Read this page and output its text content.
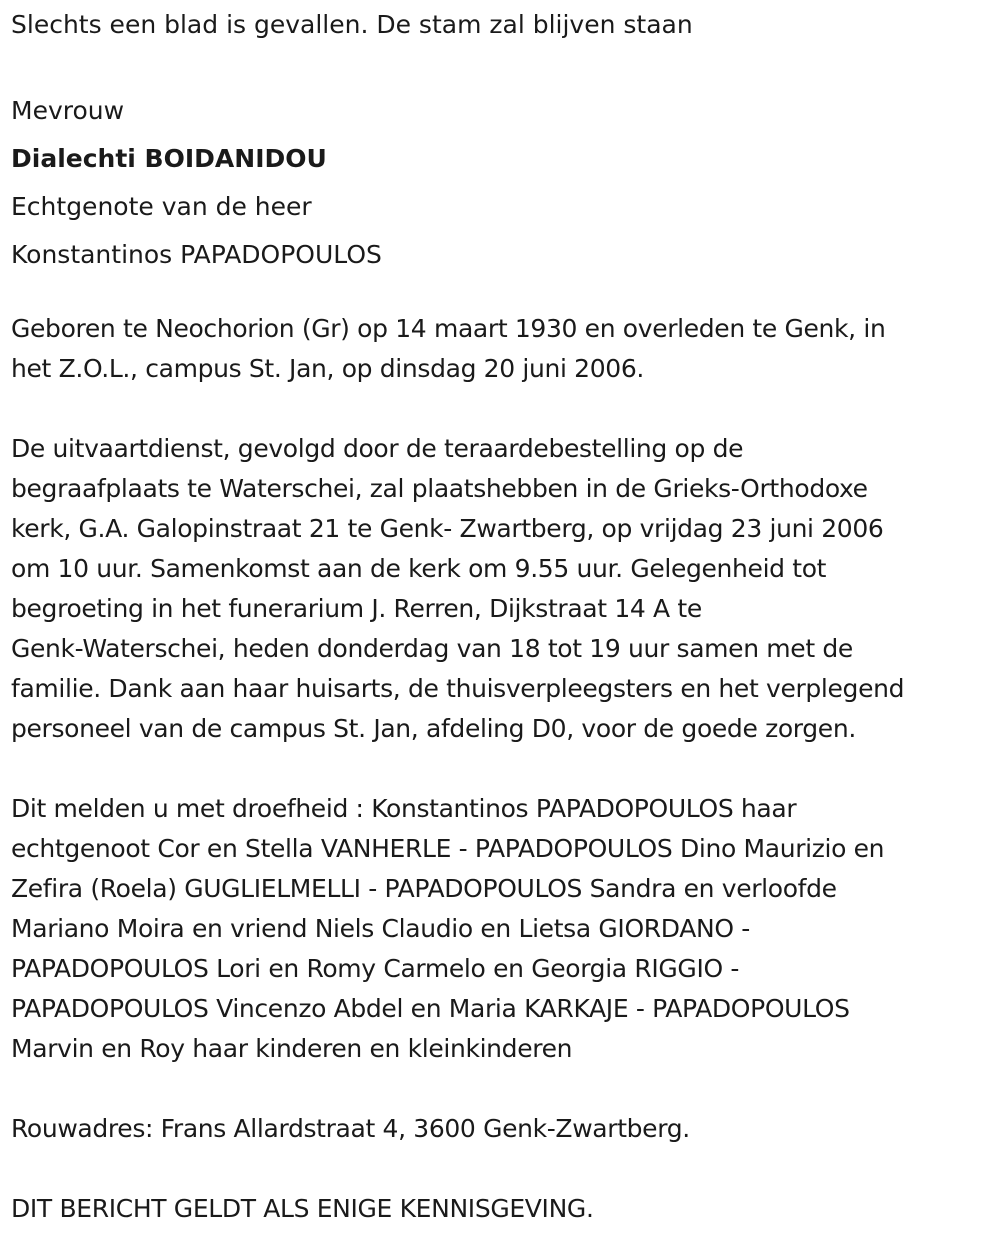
Slechts een blad is gevallen. De stam zal blijven staan

Mevrouw

Dialechti BOIDANIDOU

Echtgenote van de heer

Konstantinos PAPADOPOULOS

Geboren te Neochorion (Gr) op 14 maart 1930 en overleden te Genk, in
het Z.O.L., campus St. Jan, op dinsdag 20 juni 2006.

De uitvaartdienst, gevolgd door de teraardebestelling op de
begraafplaats te Waterschei, zal plaatshebben in de Grieks-Orthodoxe
kerk, G.A. Galopinstraat 21 te Genk- Zwartberg, op vrijdag 23 juni 2006
om 10 uur. Samenkomst aan de kerk om 9.55 uur. Gelegenheid tot
begroeting in het funerarium J. Rerren, Dijkstraat 14 A te
Genk-Waterschei, heden donderdag van 18 tot 19 uur samen met de
familie. Dank aan haar huisarts, de thuisverpleegsters en het verplegend
personeel van de campus St. Jan, afdeling D0, voor de goede zorgen.

Dit melden u met droefheid : Konstantinos PAPADOPOULOS haar
echtgenoot Cor en Stella VANHERLE - PAPADOPOULOS Dino Maurizio en
Zefira (Roela) GUGLIELMELLI - PAPADOPOULOS Sandra en verloofde
Mariano Moira en vriend Niels Claudio en Lietsa GIORDANO -
PAPADOPOULOS Lori en Romy Carmelo en Georgia RIGGIO -
PAPADOPOULOS Vincenzo Abdel en Maria KARKAJE - PAPADOPOULOS
Marvin en Roy haar kinderen en kleinkinderen

Rouwadres: Frans Allardstraat 4, 3600 Genk-Zwartberg.

DIT BERICHT GELDT ALS ENIGE KENNISGEVING.
